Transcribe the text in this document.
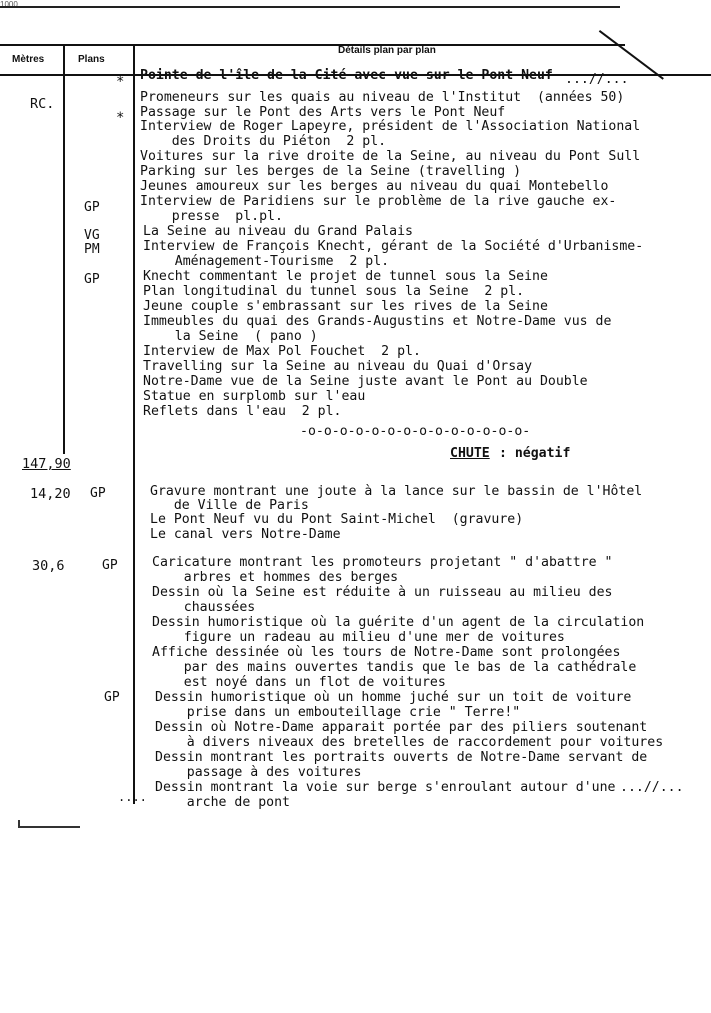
1000
Mètres	Plans
Détails plan par plan
RC.
147,90
14,20
30,6
*
*
GP
VG
PM
GP
GP
GP
GP
Pointe de l'île de la Cité avec vue sur le Pont Neuf ...//...
Promeneurs sur les quais au niveau de l'Institut  (années 50)
Passage sur le Pont des Arts vers le Pont Neuf
Interview de Roger Lapeyre, président de l'Association National
des Droits du Piéton  2 pl.
Voitures sur la rive droite de la Seine, au niveau du Pont Sull
Parking sur les berges de la Seine (travelling )
Jeunes amoureux sur les berges au niveau du quai Montebello
Interview de Paridiens sur le problème de la rive gauche ex-
presse  pl.pl.
La Seine au niveau du Grand Palais
Interview de François Knecht, gérant de la Société d'Urbanisme-
Aménagement-Tourisme  2 pl.
Knecht commentant le projet de tunnel sous la Seine
Plan longitudinal du tunnel sous la Seine  2 pl.
Jeune couple s'embrassant sur les rives de la Seine
Immeubles du quai des Grands-Augustins et Notre-Dame vus de
la Seine  ( pano )
Interview de Max Pol Fouchet  2 pl.
Travelling sur la Seine au niveau du Quai d'Orsay
Notre-Dame vue de la Seine juste avant le Pont au Double
Statue en surplomb sur l'eau
Reflets dans l'eau  2 pl.
-o-o-o-o-o-o-o-o-o-o-o-o-o-o-
CHUTE : négatif
Gravure montrant une joute à la lance sur le bassin de l'Hôtel
de Ville de Paris
Le Pont Neuf vu du Pont Saint-Michel  (gravure)
Le canal vers Notre-Dame
Caricature montrant les promoteurs projetant " d'abattre "
arbres et hommes des berges
Dessin où la Seine est réduite à un ruisseau au milieu des
chaussées
Dessin humoristique où la guérite d'un agent de la circulation
figure un radeau au milieu d'une mer de voitures
Affiche dessinée où les tours de Notre-Dame sont prolongées
par des mains ouvertes tandis que le bas de la cathédrale
est noyé dans un flot de voitures
Dessin humoristique où un homme juché sur un toit de voiture
prise dans un embouteillage crie " Terre!"
Dessin où Notre-Dame apparait portée par des piliers soutenant
à divers niveaux des bretelles de raccordement pour voitures
Dessin montrant les portraits ouverts de Notre-Dame servant de
passage à des voitures
Dessin montrant la voie sur berge s'enroulant autour d'une ...//...
arche de pont
....
